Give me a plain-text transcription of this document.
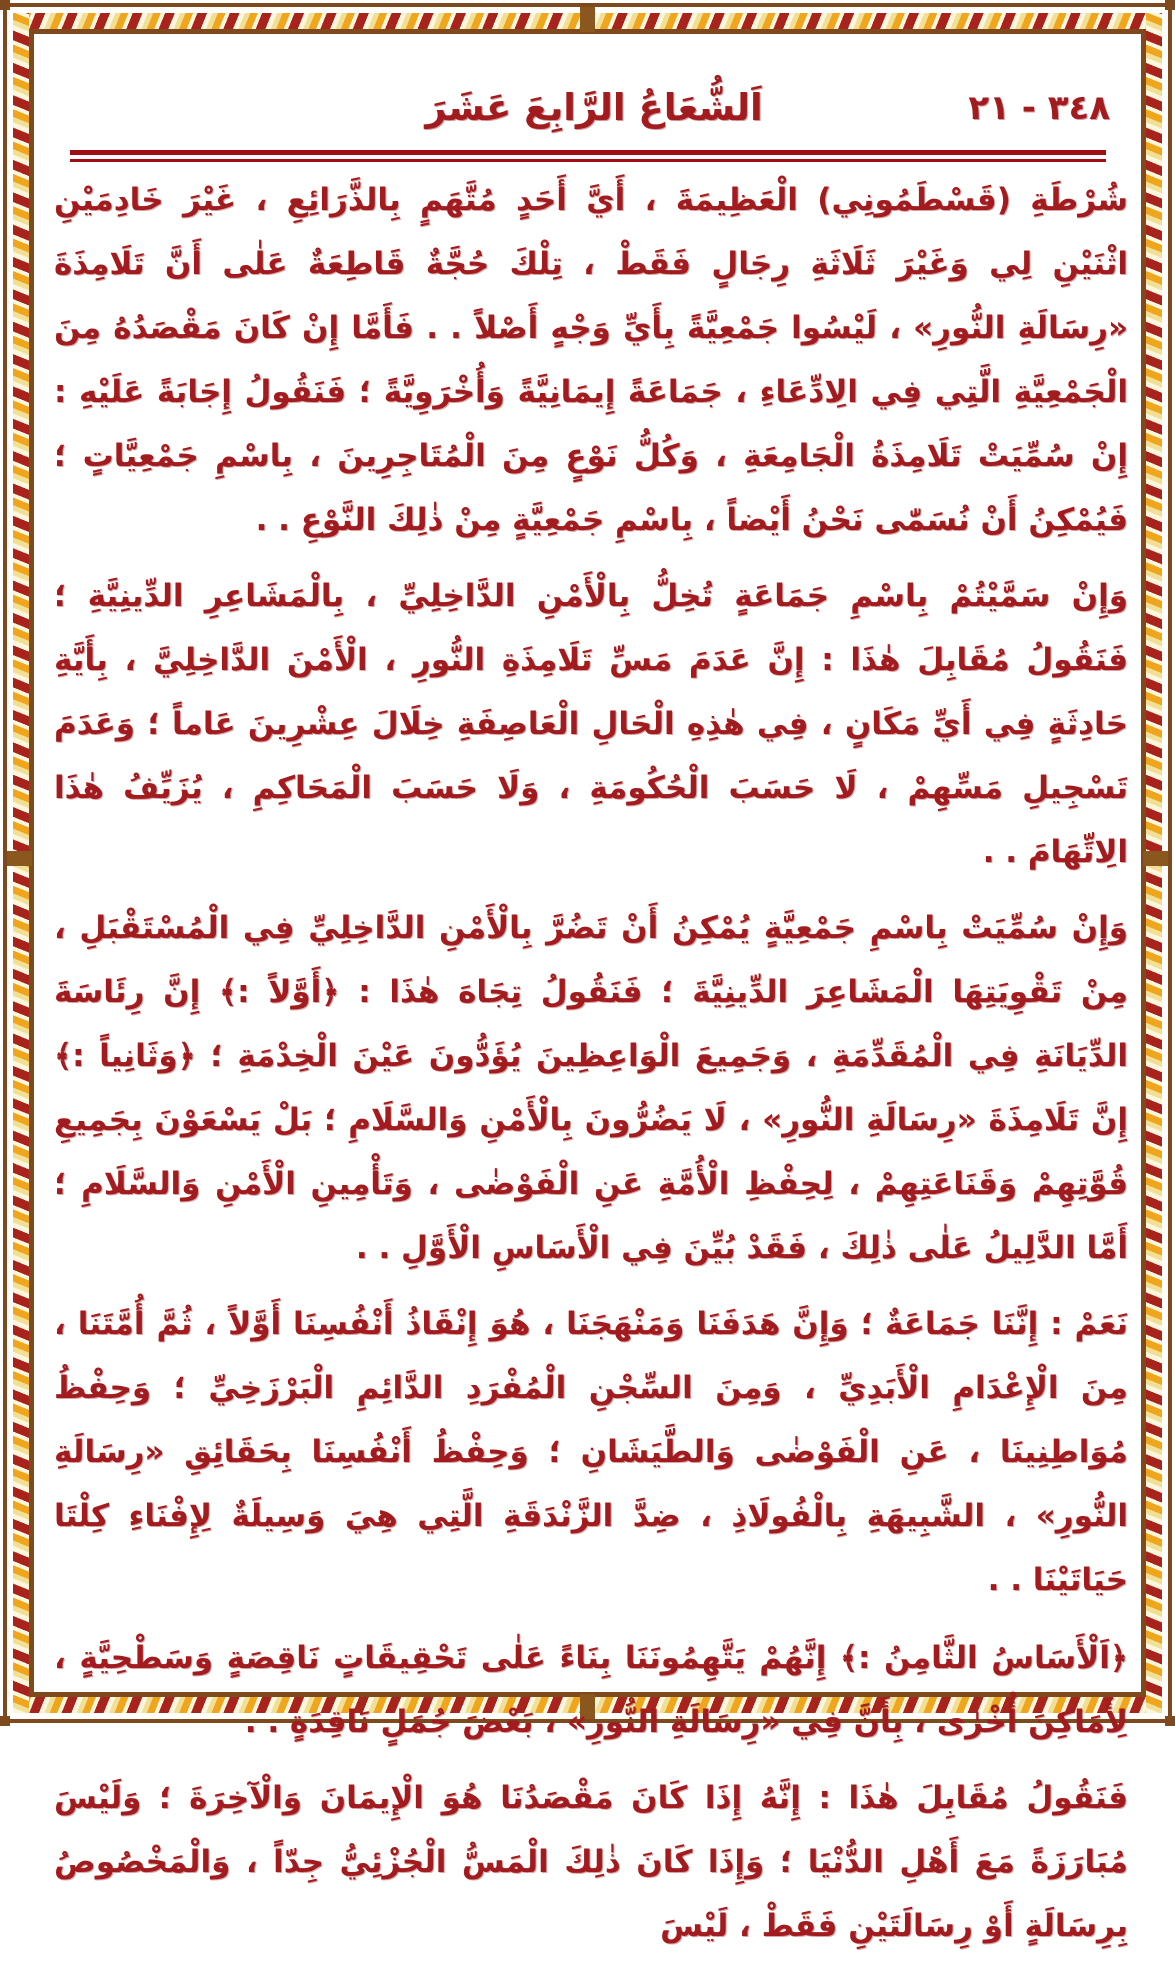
اَلشُّعَاعُ الرَّابِعَ عَشَرَ	٣٤٨ - ٢١

شُرْطَةِ (قَسْطَمُونِي) الْعَظِيمَةَ ، أَيَّ أَحَدٍ مُتَّهَمٍ بِالذَّرَائِعِ ، غَيْرَ خَادِمَيْنِ اثْنَيْنِ لِي وَغَيْرَ ثَلَاثَةِ رِجَالٍ فَقَطْ ، تِلْكَ حُجَّةٌ قَاطِعَةٌ عَلٰى أَنَّ تَلَامِذَةَ «رِسَالَةِ النُّورِ» ، لَيْسُوا جَمْعِيَّةً بِأَيِّ وَجْهٍ أَصْلاً . . فَأَمَّا إِنْ كَانَ مَقْصَدُهُ مِنَ الْجَمْعِيَّةِ الَّتِي فِي الِادِّعَاءِ ، جَمَاعَةً إِيمَانِيَّةً وَأُخْرَوِيَّةً ؛ فَنَقُولُ إِجَابَةً عَلَيْهِ : إِنْ سُمِّيَتْ تَلَامِذَةُ الْجَامِعَةِ ، وَكُلُّ نَوْعٍ مِنَ الْمُتَاجِرِينَ ، بِاسْمِ جَمْعِيَّاتٍ ؛ فَيُمْكِنُ أَنْ نُسَمّٰى نَحْنُ أَيْضاً ، بِاسْمِ جَمْعِيَّةٍ مِنْ ذٰلِكَ النَّوْعِ . .

وَإِنْ سَمَّيْتُمْ بِاسْمِ جَمَاعَةٍ تُخِلُّ بِالْأَمْنِ الدَّاخِلِيِّ ، بِالْمَشَاعِرِ الدِّينِيَّةِ ؛ فَنَقُولُ مُقَابِلَ هٰذَا : إِنَّ عَدَمَ مَسِّ تَلَامِذَةِ النُّورِ ، الْأَمْنَ الدَّاخِلِيَّ ، بِأَيَّةِ حَادِثَةٍ فِي أَيِّ مَكَانٍ ، فِي هٰذِهِ الْحَالِ الْعَاصِفَةِ خِلَالَ عِشْرِينَ عَاماً ؛ وَعَدَمَ تَسْجِيلِ مَسِّهِمْ ، لَا حَسَبَ الْحُكُومَةِ ، وَلَا حَسَبَ الْمَحَاكِمِ ، يُزَيِّفُ هٰذَا الِاتِّهَامَ . .

وَإِنْ سُمِّيَتْ بِاسْمِ جَمْعِيَّةٍ يُمْكِنُ أَنْ تَضُرَّ بِالْأَمْنِ الدَّاخِلِيِّ فِي الْمُسْتَقْبَلِ ، مِنْ تَقْوِيَتِهَا الْمَشَاعِرَ الدِّينِيَّةَ ؛ فَنَقُولُ تِجَاهَ هٰذَا : ﴿أَوَّلاً :﴾ إِنَّ رِئَاسَةَ الدِّيَانَةِ فِي الْمُقَدِّمَةِ ، وَجَمِيعَ الْوَاعِظِينَ يُؤَدُّونَ عَيْنَ الْخِدْمَةِ ؛ ﴿وَثَانِياً :﴾ إِنَّ تَلَامِذَةَ «رِسَالَةِ النُّورِ» ، لَا يَضُرُّونَ بِالْأَمْنِ وَالسَّلَامِ ؛ بَلْ يَسْعَوْنَ بِجَمِيعِ قُوَّتِهِمْ وَقَنَاعَتِهِمْ ، لِحِفْظِ الْأُمَّةِ عَنِ الْفَوْضٰى ، وَتَأْمِينِ الْأَمْنِ وَالسَّلَامِ ؛ أَمَّا الدَّلِيلُ عَلٰى ذٰلِكَ ، فَقَدْ بُيِّنَ فِي الْأَسَاسِ الْأَوَّلِ . .

نَعَمْ : إِنَّنَا جَمَاعَةٌ ؛ وَإِنَّ هَدَفَنَا وَمَنْهَجَنَا ، هُوَ إِنْقَاذُ أَنْفُسِنَا أَوَّلاً ، ثُمَّ أُمَّتَنَا ، مِنَ الْإِعْدَامِ الْأَبَدِيِّ ، وَمِنَ السِّجْنِ الْمُفْرَدِ الدَّائِمِ الْبَرْزَخِيِّ ؛ وَحِفْظُ مُوَاطِنِينَا ، عَنِ الْفَوْضٰى وَالطَّيَشَانِ ؛ وَحِفْظُ أَنْفُسِنَا بِحَقَائِقِ «رِسَالَةِ النُّورِ» ، الشَّبِيهَةِ بِالْفُولَاذِ ، ضِدَّ الزَّنْدَقَةِ الَّتِي هِيَ وَسِيلَةٌ لِإِفْنَاءِ كِلْتَا حَيَاتَيْنَا . .

﴿اَلْأَسَاسُ الثَّامِنُ :﴾ إِنَّهُمْ يَتَّهِمُونَنَا بِنَاءً عَلٰى تَحْقِيقَاتٍ نَاقِصَةٍ وَسَطْحِيَّةٍ ، لِأَمَاكِنَ أُخْرٰى ، بِأَنَّ فِي «رِسَالَةِ النُّورِ» ، بَعْضَ جُمَلٍ نَاقِدَةٍ . .

فَنَقُولُ مُقَابِلَ هٰذَا : إِنَّهُ إِذَا كَانَ مَقْصَدُنَا هُوَ الْإِيمَانَ وَالْآخِرَةَ ؛ وَلَيْسَ مُبَارَزَةً مَعَ أَهْلِ الدُّنْيَا ؛ وَإِذَا كَانَ ذٰلِكَ الْمَسُّ الْجُزْئِيُّ جِدّاً ، وَالْمَخْصُوصُ بِرِسَالَةٍ أَوْ رِسَالَتَيْنِ فَقَطْ ، لَيْسَ
